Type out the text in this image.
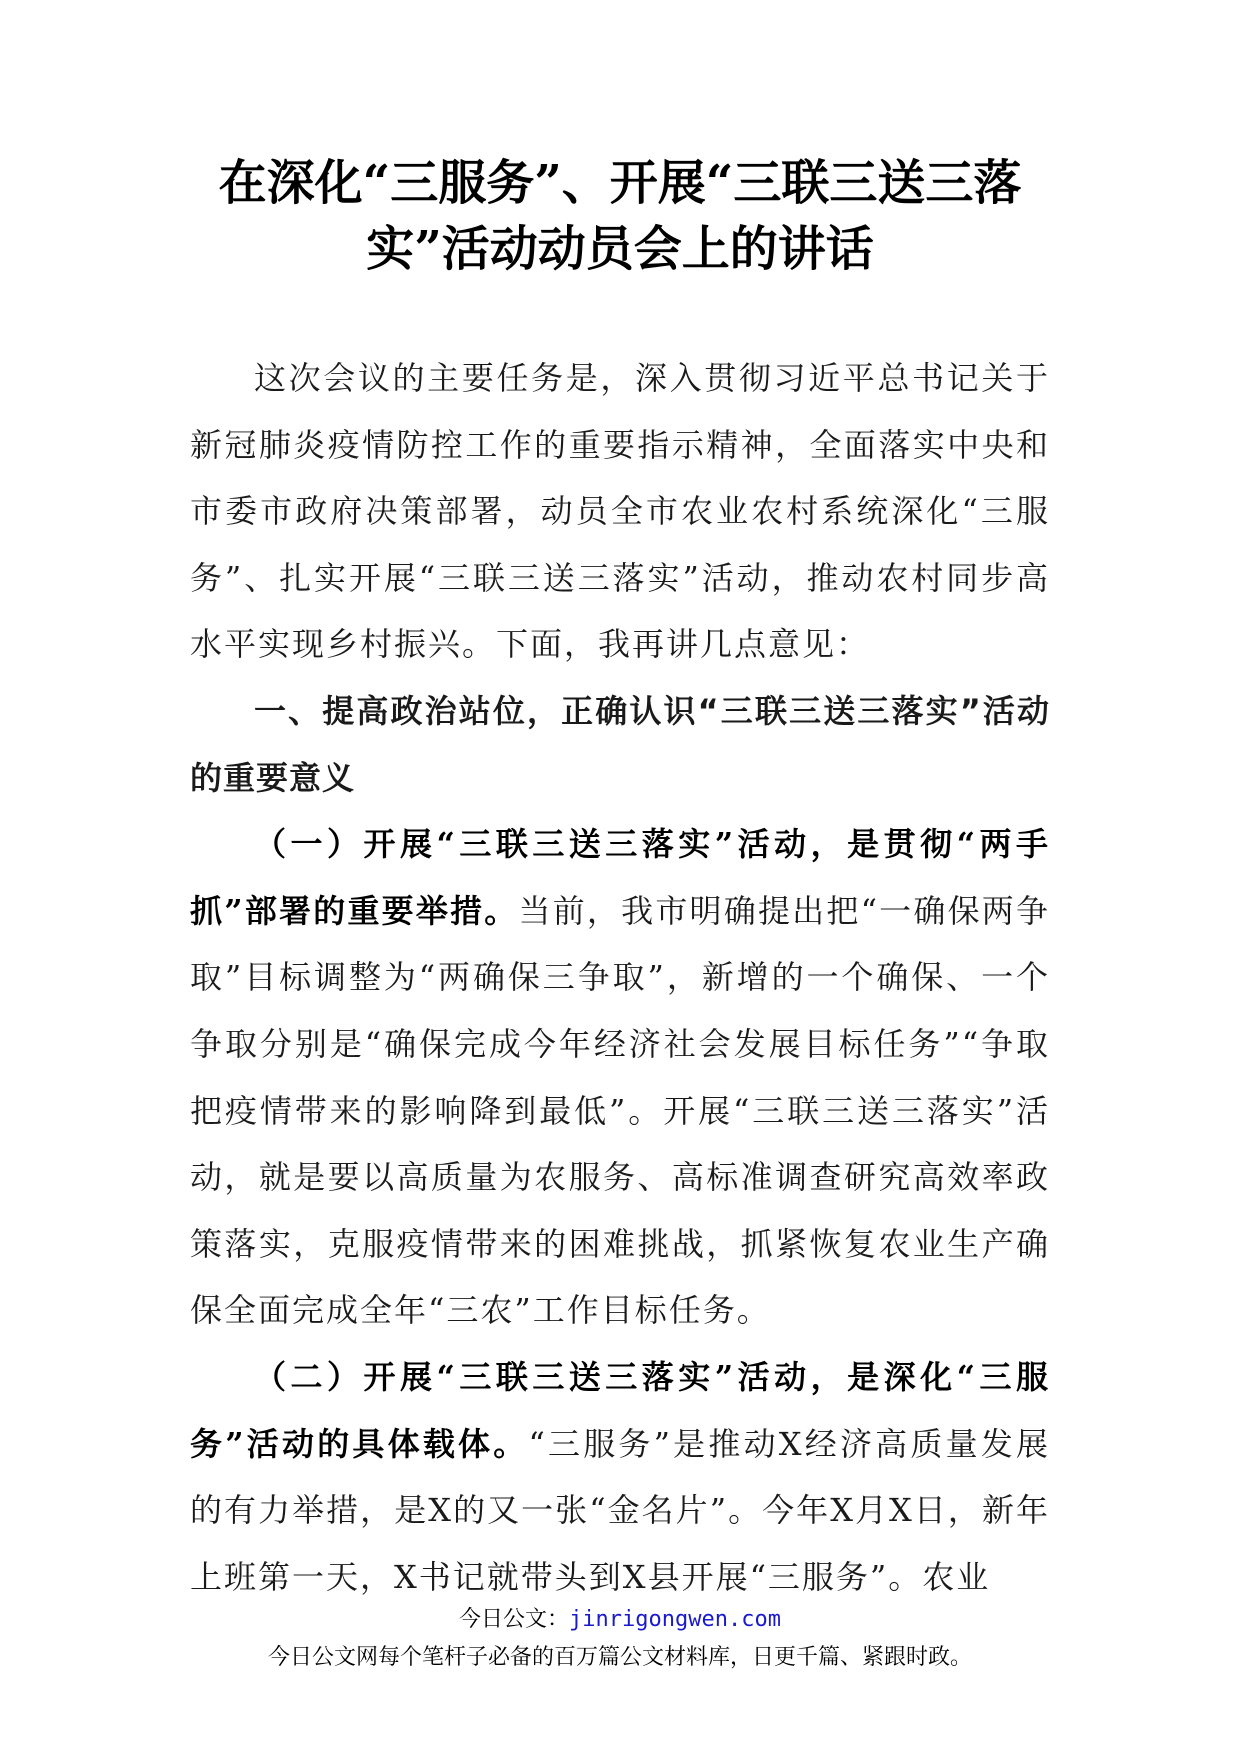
在深化“三服务”、开展“三联三送三落实”活动动员会上的讲话

这次会议的主要任务是，深入贯彻习近平总书记关于新冠肺炎疫情防控工作的重要指示精神，全面落实中央和市委市政府决策部署，动员全市农业农村系统深化“三服务”、扎实开展“三联三送三落实”活动，推动农村同步高水平实现乡村振兴。下面，我再讲几点意见：

一、提高政治站位，正确认识“三联三送三落实”活动的重要意义

（一）开展“三联三送三落实”活动，是贯彻“两手抓”部署的重要举措。当前，我市明确提出把“一确保两争取”目标调整为“两确保三争取”，新增的一个确保、一个争取分别是“确保完成今年经济社会发展目标任务”“争取把疫情带来的影响降到最低”。开展“三联三送三落实”活动，就是要以高质量为农服务、高标准调查研究高效率政策落实，克服疫情带来的困难挑战，抓紧恢复农业生产确保全面完成全年“三农”工作目标任务。

（二）开展“三联三送三落实”活动，是深化“三服务”活动的具体载体。“三服务”是推动X经济高质量发展的有力举措，是X的又一张“金名片”。今年X月X日，新年上班第一天，X书记就带头到X县开展“三服务”。农业

今日公文：jinrigongwen.com
今日公文网每个笔杆子必备的百万篇公文材料库，日更千篇、紧跟时政。
